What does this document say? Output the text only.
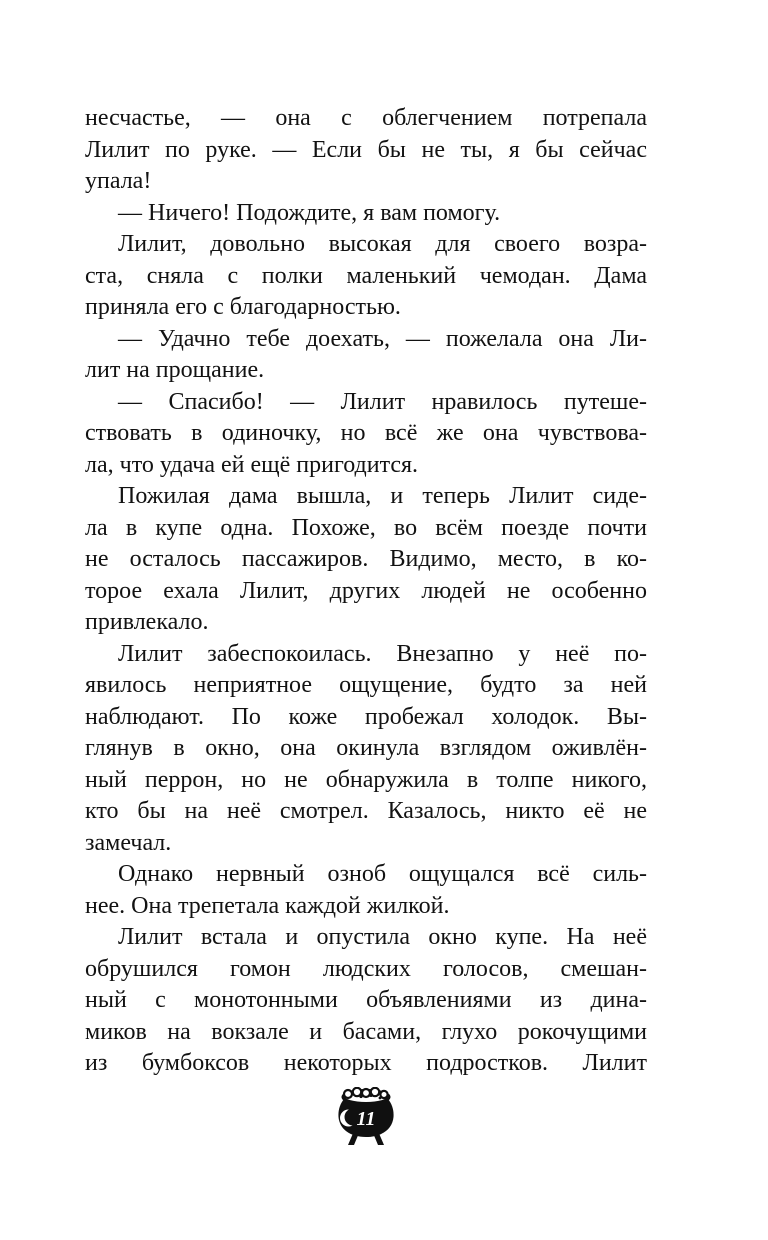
несчастье, — она с облегчением потрепала
Лилит по руке. — Если бы не ты, я бы сейчас
упала!
— Ничего! Подождите, я вам помогу.
Лилит, довольно высокая для своего возра-
ста, сняла с полки маленький чемодан. Дама
приняла его с благодарностью.
— Удачно тебе доехать, — пожелала она Ли-
лит на прощание.
— Спасибо! — Лилит нравилось путеше-
ствовать в одиночку, но всё же она чувствова-
ла, что удача ей ещё пригодится.
Пожилая дама вышла, и теперь Лилит сиде-
ла в купе одна. Похоже, во всём поезде почти
не осталось пассажиров. Видимо, место, в ко-
торое ехала Лилит, других людей не особенно
привлекало.
Лилит забеспокоилась. Внезапно у неё по-
явилось неприятное ощущение, будто за ней
наблюдают. По коже пробежал холодок. Вы-
глянув в окно, она окинула взглядом оживлён-
ный перрон, но не обнаружила в толпе никого,
кто бы на неё смотрел. Казалось, никто её не
замечал.
Однако нервный озноб ощущался всё силь-
нее. Она трепетала каждой жилкой.
Лилит встала и опустила окно купе. На неё
обрушился гомон людских голосов, смешан-
ный с монотонными объявлениями из дина-
миков на вокзале и басами, глухо рокочущими
из бумбоксов некоторых подростков. Лилит
11
